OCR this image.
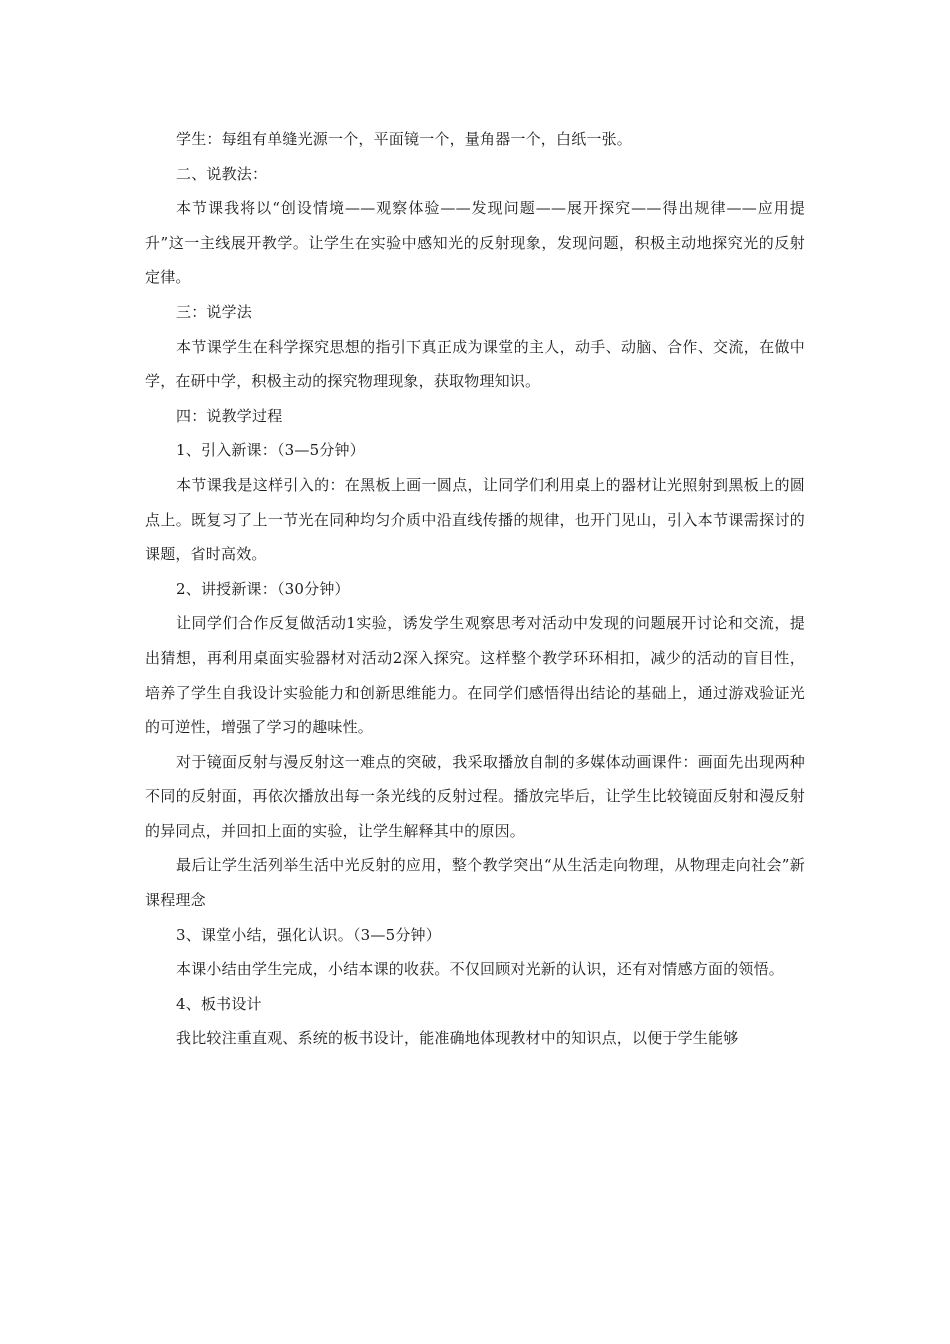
学生：每组有单缝光源一个，平面镜一个，量角器一个，白纸一张。

二、说教法：

本节课我将以“创设情境——观察体验——发现问题——展开探究——得出规律——应用提升”这一主线展开教学。让学生在实验中感知光的反射现象，发现问题，积极主动地探究光的反射定律。

三：说学法

本节课学生在科学探究思想的指引下真正成为课堂的主人，动手、动脑、合作、交流，在做中学，在研中学，积极主动的探究物理现象，获取物理知识。

四：说教学过程

1、引入新课：（3—5分钟）

本节课我是这样引入的：在黑板上画一圆点，让同学们利用桌上的器材让光照射到黑板上的圆点上。既复习了上一节光在同种均匀介质中沿直线传播的规律，也开门见山，引入本节课需探讨的课题，省时高效。

2、讲授新课：（30分钟）

让同学们合作反复做活动1实验，诱发学生观察思考对活动中发现的问题展开讨论和交流，提出猜想，再利用桌面实验器材对活动2深入探究。这样整个教学环环相扣，减少的活动的盲目性，培养了学生自我设计实验能力和创新思维能力。在同学们感悟得出结论的基础上，通过游戏验证光的可逆性，增强了学习的趣味性。

对于镜面反射与漫反射这一难点的突破，我采取播放自制的多媒体动画课件：画面先出现两种不同的反射面，再依次播放出每一条光线的反射过程。播放完毕后，让学生比较镜面反射和漫反射的异同点，并回扣上面的实验，让学生解释其中的原因。

最后让学生活列举生活中光反射的应用，整个教学突出“从生活走向物理，从物理走向社会”新课程理念

3、课堂小结，强化认识。（3—5分钟）

本课小结由学生完成，小结本课的收获。不仅回顾对光新的认识，还有对情感方面的领悟。

4、板书设计

我比较注重直观、系统的板书设计，能准确地体现教材中的知识点，以便于学生能够
